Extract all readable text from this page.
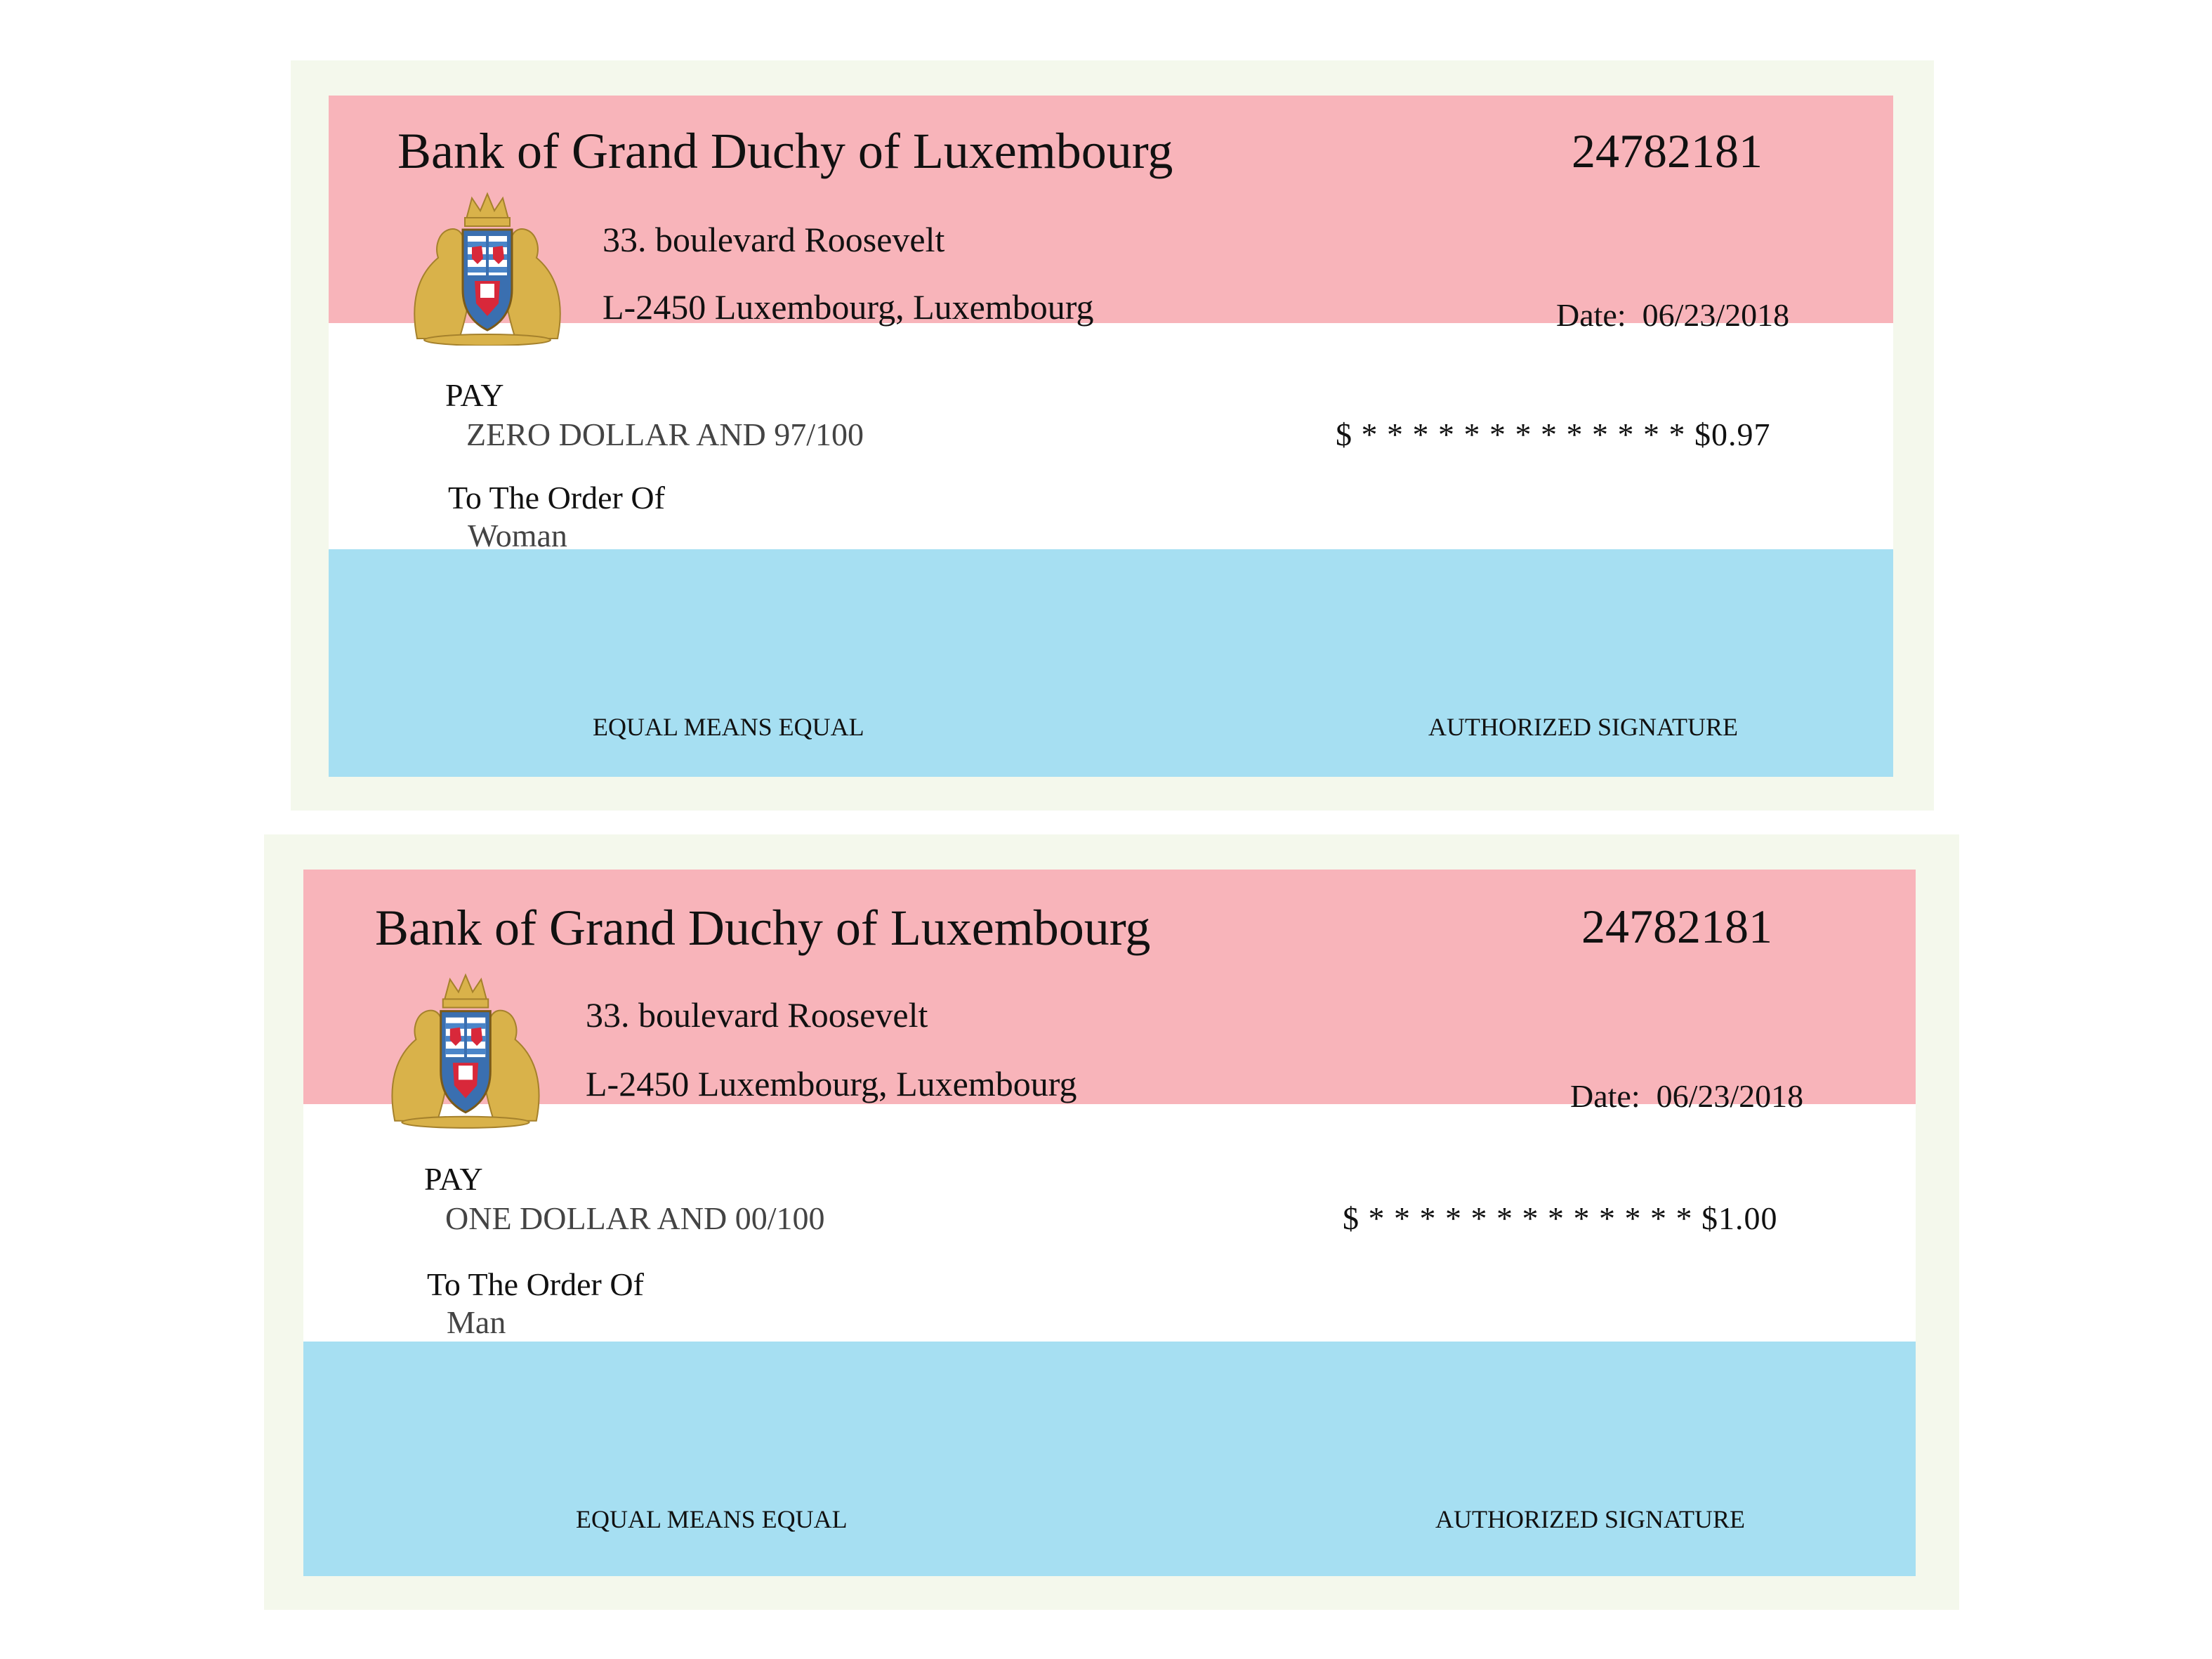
Bank of Grand Duchy of Luxembourg	24782181
33. boulevard Roosevelt
L-2450 Luxembourg, Luxembourg	Date: 06/23/2018
PAY
ZERO DOLLAR AND 97/100	$ * * * * * * * * * * * * * $0.97
To The Order Of
Woman
EQUAL MEANS EQUAL	AUTHORIZED SIGNATURE
Bank of Grand Duchy of Luxembourg	24782181
33. boulevard Roosevelt
L-2450 Luxembourg, Luxembourg	Date: 06/23/2018
PAY
ONE DOLLAR AND 00/100	$ * * * * * * * * * * * * * $1.00
To The Order Of
Man
EQUAL MEANS EQUAL	AUTHORIZED SIGNATURE
